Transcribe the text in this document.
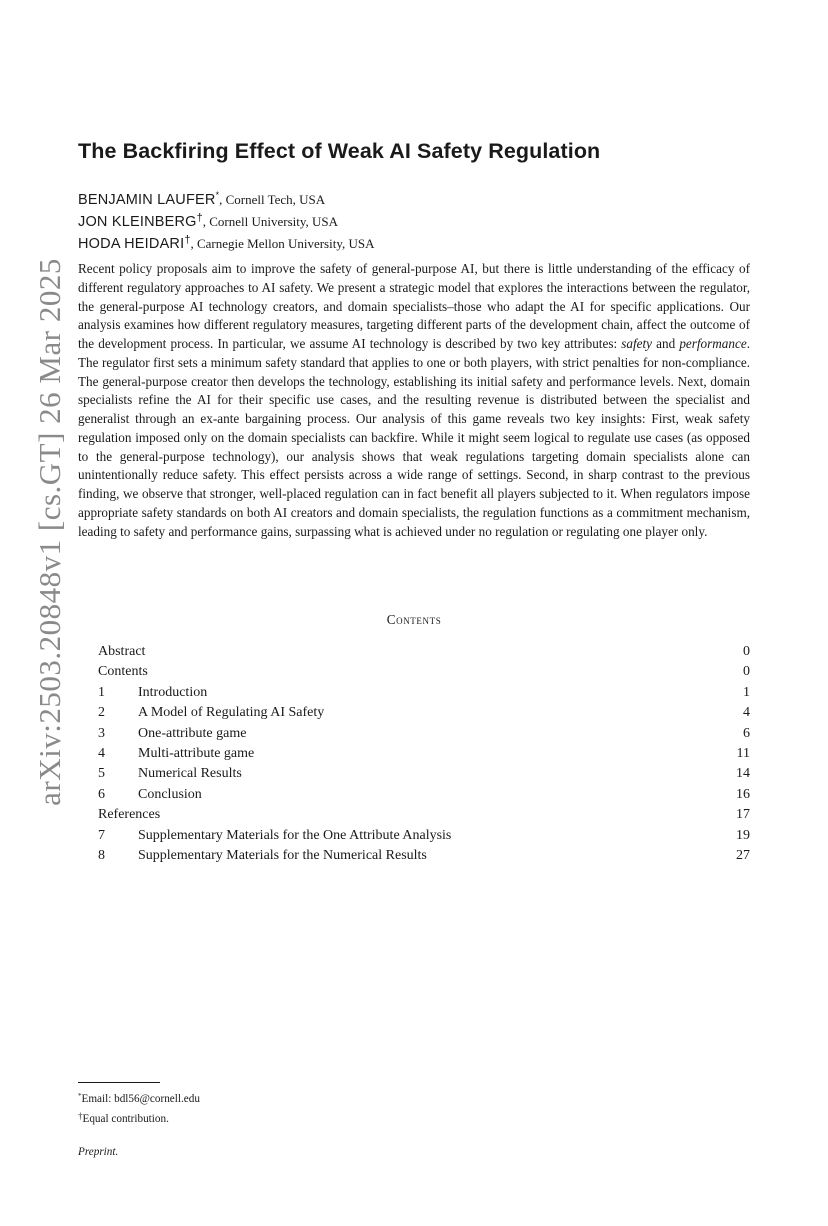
arXiv:2503.20848v1 [cs.GT] 26 Mar 2025
The Backfiring Effect of Weak AI Safety Regulation
BENJAMIN LAUFER*, Cornell Tech, USA
JON KLEINBERG†, Cornell University, USA
HODA HEIDARI†, Carnegie Mellon University, USA
Recent policy proposals aim to improve the safety of general-purpose AI, but there is little understanding of the efficacy of different regulatory approaches to AI safety. We present a strategic model that explores the interactions between the regulator, the general-purpose AI technology creators, and domain specialists–those who adapt the AI for specific applications. Our analysis examines how different regulatory measures, targeting different parts of the development chain, affect the outcome of the development process. In particular, we assume AI technology is described by two key attributes: safety and performance. The regulator first sets a minimum safety standard that applies to one or both players, with strict penalties for non-compliance. The general-purpose creator then develops the technology, establishing its initial safety and performance levels. Next, domain specialists refine the AI for their specific use cases, and the resulting revenue is distributed between the specialist and generalist through an ex-ante bargaining process. Our analysis of this game reveals two key insights: First, weak safety regulation imposed only on the domain specialists can backfire. While it might seem logical to regulate use cases (as opposed to the general-purpose technology), our analysis shows that weak regulations targeting domain specialists alone can unintentionally reduce safety. This effect persists across a wide range of settings. Second, in sharp contrast to the previous finding, we observe that stronger, well-placed regulation can in fact benefit all players subjected to it. When regulators impose appropriate safety standards on both AI creators and domain specialists, the regulation functions as a commitment mechanism, leading to safety and performance gains, surpassing what is achieved under no regulation or regulating one player only.
Contents
Abstract	0
Contents	0
1 Introduction	1
2 A Model of Regulating AI Safety	4
3 One-attribute game	6
4 Multi-attribute game	11
5 Numerical Results	14
6 Conclusion	16
References	17
7 Supplementary Materials for the One Attribute Analysis	19
8 Supplementary Materials for the Numerical Results	27
*Email: bdl56@cornell.edu
†Equal contribution.
Preprint.
